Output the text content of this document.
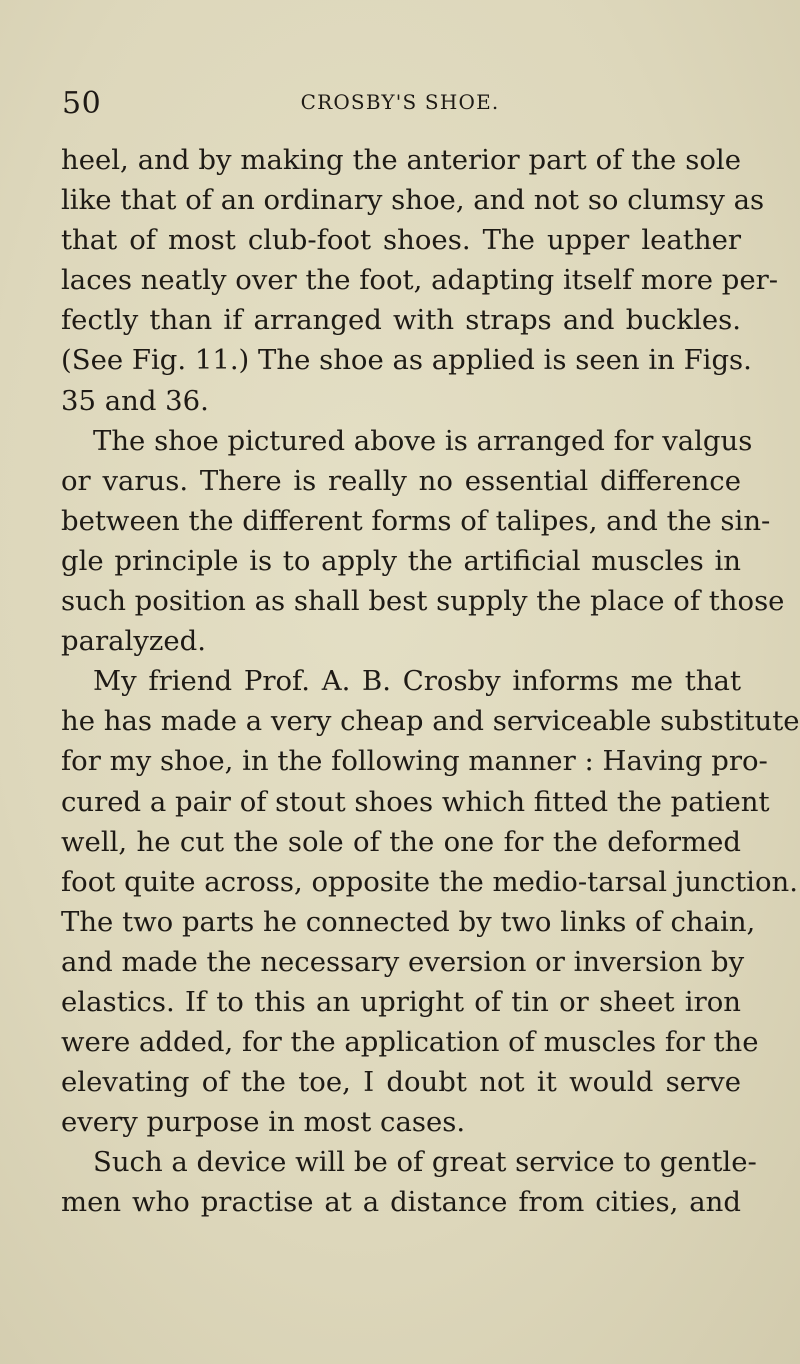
50	CROSBY'S SHOE.
heel, and by making the anterior part of the sole
like that of an ordinary shoe, and not so clumsy as
that of most club-foot shoes. The upper leather
laces neatly over the foot, adapting itself more per-
fectly than if arranged with straps and buckles.
(See Fig. 11.) The shoe as applied is seen in Figs.
35 and 36.
The shoe pictured above is arranged for valgus
or varus. There is really no essential difference
between the different forms of talipes, and the sin-
gle principle is to apply the artificial muscles in
such position as shall best supply the place of those
paralyzed.
My friend Prof. A. B. Crosby informs me that
he has made a very cheap and serviceable substitute
for my shoe, in the following manner : Having pro-
cured a pair of stout shoes which fitted the patient
well, he cut the sole of the one for the deformed
foot quite across, opposite the medio-tarsal junction.
The two parts he connected by two links of chain,
and made the necessary eversion or inversion by
elastics. If to this an upright of tin or sheet iron
were added, for the application of muscles for the
elevating of the toe, I doubt not it would serve
every purpose in most cases.
Such a device will be of great service to gentle-
men who practise at a distance from cities, and
